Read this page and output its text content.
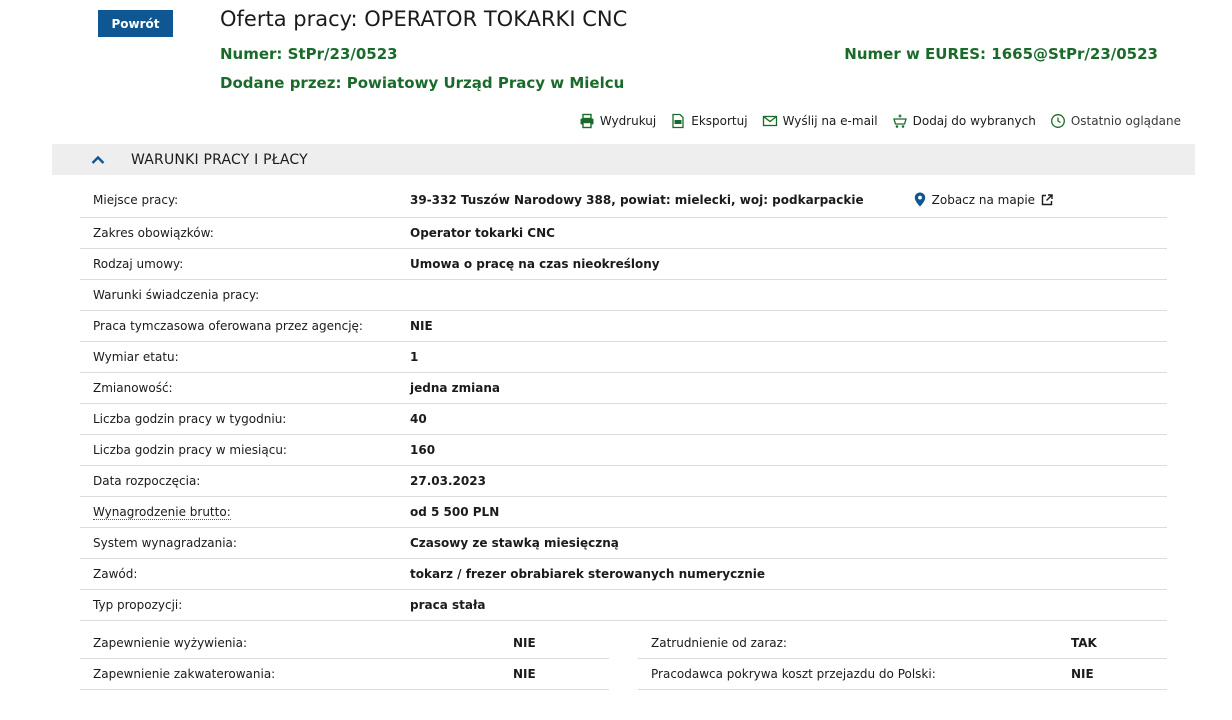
Powrót	Oferta pracy: OPERATOR TOKARKI CNC
Numer: StPr/23/0523
Dodane przez: Powiatowy Urząd Pracy w Mielcu
Numer w EURES: 1665@StPr/23/0523
Wydrukuj	Eksportuj	Wyślij na e-mail	Dodaj do wybranych	Ostatnio oglądane
WARUNKI PRACY I PŁACY
Miejsce pracy:	39-332 Tuszów Narodowy 388, powiat: mielecki, woj: podkarpackie	Zobacz na mapie
Zakres obowiązków:	Operator tokarki CNC
Rodzaj umowy:	Umowa o pracę na czas nieokreślony
Warunki świadczenia pracy:
Praca tymczasowa oferowana przez agencję:	NIE
Wymiar etatu:	1
Zmianowość:	jedna zmiana
Liczba godzin pracy w tygodniu:	40
Liczba godzin pracy w miesiącu:	160
Data rozpoczęcia:	27.03.2023
Wynagrodzenie brutto:	od 5 500 PLN
System wynagradzania:	Czasowy ze stawką miesięczną
Zawód:	tokarz / frezer obrabiarek sterowanych numerycznie
Typ propozycji:	praca stała
Zapewnienie wyżywienia:	NIE
Zapewnienie zakwaterowania:	NIE
Zatrudnienie od zaraz:	TAK
Pracodawca pokrywa koszt przejazdu do Polski:	NIE
